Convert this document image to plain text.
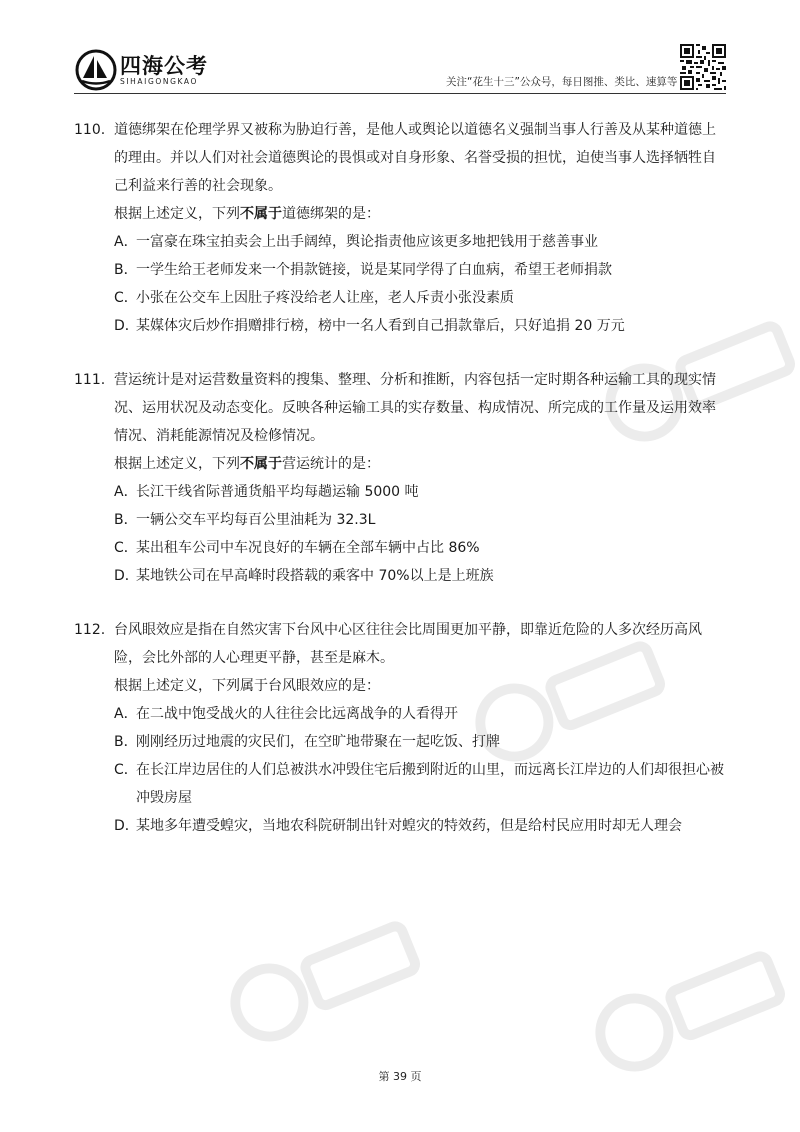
四海公考
SIHAIGONGKAO	关注“花生十三”公众号，每日图推、类比、速算等
110. 道德绑架在伦理学界又被称为胁迫行善，是他人或舆论以道德名义强制当事人行善及从某种道德上的理由。并以人们对社会道德舆论的畏惧或对自身形象、名誉受损的担忧，迫使当事人选择牺牲自己利益来行善的社会现象。
根据上述定义，下列不属于道德绑架的是：
A．
一富豪在珠宝拍卖会上出手阔绰，舆论指责他应该更多地把钱用于慈善事业
B．
一学生给王老师发来一个捐款链接，说是某同学得了白血病，希望王老师捐款
C．
小张在公交车上因肚子疼没给老人让座，老人斥责小张没素质
D．
某媒体灾后炒作捐赠排行榜，榜中一名人看到自己捐款靠后，只好追捐 20 万元
111. 营运统计是对运营数量资料的搜集、整理、分析和推断，内容包括一定时期各种运输工具的现实情况、运用状况及动态变化。反映各种运输工具的实存数量、构成情况、所完成的工作量及运用效率情况、消耗能源情况及检修情况。
根据上述定义，下列不属于营运统计的是：
A．
长江干线省际普通货船平均每趟运输 5000 吨
B．
一辆公交车平均每百公里油耗为 32.3L
C．
某出租车公司中车况良好的车辆在全部车辆中占比 86%
D．
某地铁公司在早高峰时段搭载的乘客中 70%以上是上班族
112. 台风眼效应是指在自然灾害下台风中心区往往会比周围更加平静，即靠近危险的人多次经历高风险，会比外部的人心理更平静，甚至是麻木。
根据上述定义，下列属于台风眼效应的是：
A．
在二战中饱受战火的人往往会比远离战争的人看得开
B．
刚刚经历过地震的灾民们，在空旷地带聚在一起吃饭、打牌
C．
在长江岸边居住的人们总被洪水冲毁住宅后搬到附近的山里，而远离长江岸边的人们却很担心被冲毁房屋
D．
某地多年遭受蝗灾，当地农科院研制出针对蝗灾的特效药，但是给村民应用时却无人理会
第 39 页
